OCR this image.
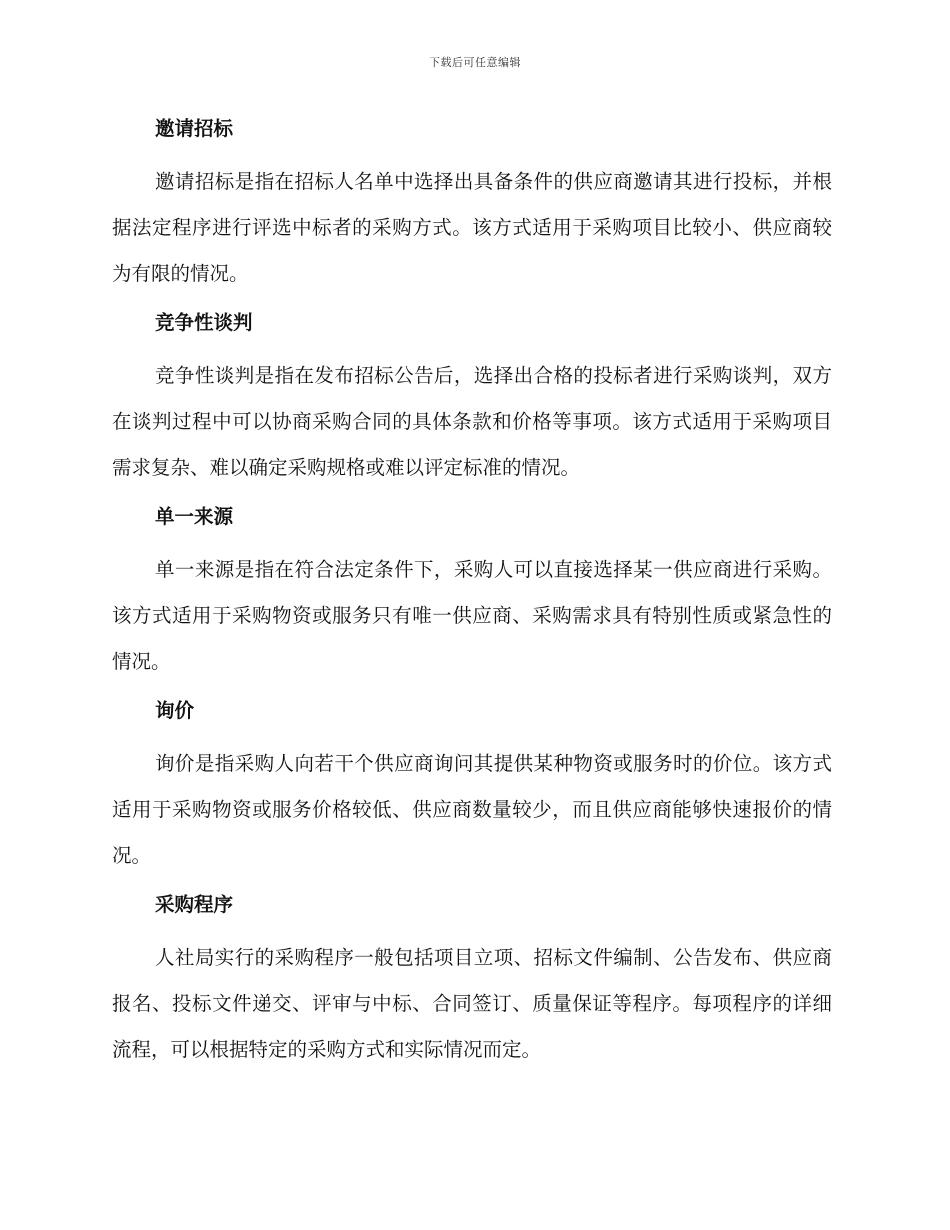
下载后可任意编辑
邀请招标

邀请招标是指在招标人名单中选择出具备条件的供应商邀请其进行投标，并根据法定程序进行评选中标者的采购方式。该方式适用于采购项目比较小、供应商较为有限的情况。

竞争性谈判

竞争性谈判是指在发布招标公告后，选择出合格的投标者进行采购谈判，双方在谈判过程中可以协商采购合同的具体条款和价格等事项。该方式适用于采购项目需求复杂、难以确定采购规格或难以评定标准的情况。

单一来源

单一来源是指在符合法定条件下，采购人可以直接选择某一供应商进行采购。该方式适用于采购物资或服务只有唯一供应商、采购需求具有特别性质或紧急性的情况。

询价

询价是指采购人向若干个供应商询问其提供某种物资或服务时的价位。该方式适用于采购物资或服务价格较低、供应商数量较少，而且供应商能够快速报价的情况。

采购程序

人社局实行的采购程序一般包括项目立项、招标文件编制、公告发布、供应商报名、投标文件递交、评审与中标、合同签订、质量保证等程序。每项程序的详细流程，可以根据特定的采购方式和实际情况而定。
